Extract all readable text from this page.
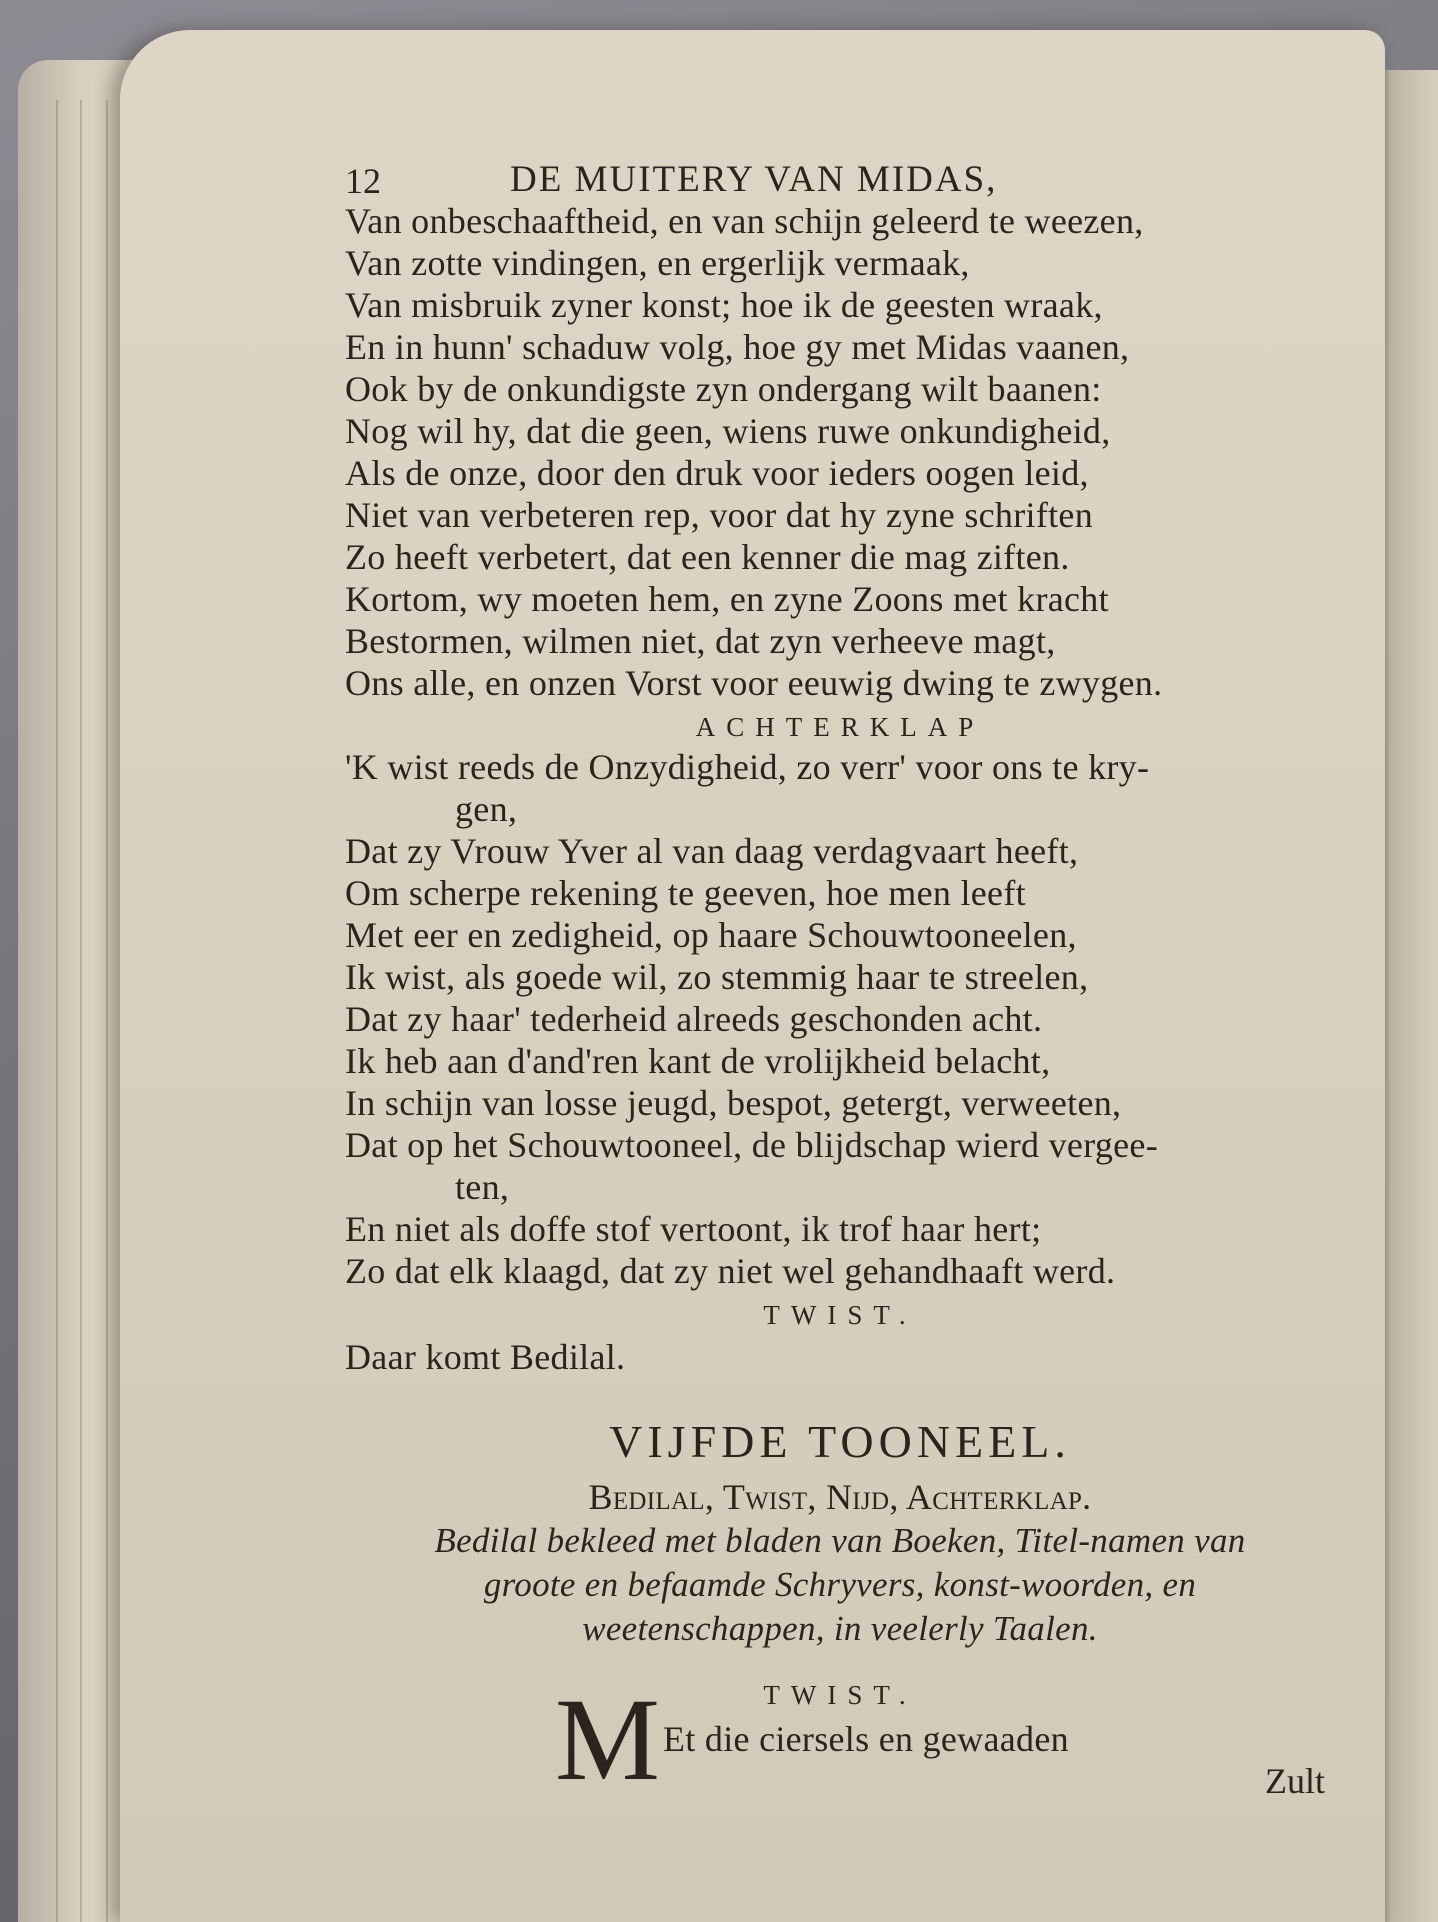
12	DE MUITERY VAN MIDAS,
Van onbeschaaftheid, en van schijn geleerd te weezen,
Van zotte vindingen, en ergerlijk vermaak,
Van misbruik zyner konst; hoe ik de geesten wraak,
En in hunn' schaduw volg, hoe gy met Midas vaanen,
Ook by de onkundigste zyn ondergang wilt baanen:
Nog wil hy, dat die geen, wiens ruwe onkundigheid,
Als de onze, door den druk voor ieders oogen leid,
Niet van verbeteren rep, voor dat hy zyne schriften
Zo heeft verbetert, dat een kenner die mag ziften.
Kortom, wy moeten hem, en zyne Zoons met kracht
Bestormen, wilmen niet, dat zyn verheeve magt,
Ons alle, en onzen Vorst voor eeuwig dwing te zwygen.
ACHTERKLAP
'K wist reeds de Onzydigheid, zo verr' voor ons te kry-
gen,
Dat zy Vrouw Yver al van daag verdagvaart heeft,
Om scherpe rekening te geeven, hoe men leeft
Met eer en zedigheid, op haare Schouwtooneelen,
Ik wist, als goede wil, zo stemmig haar te streelen,
Dat zy haar' tederheid alreeds geschonden acht.
Ik heb aan d'and'ren kant de vrolijkheid belacht,
In schijn van losse jeugd, bespot, getergt, verweeten,
Dat op het Schouwtooneel, de blijdschap wierd vergee-
ten,
En niet als doffe stof vertoont, ik trof haar hert;
Zo dat elk klaagd, dat zy niet wel gehandhaaft werd.
TWIST.
Daar komt Bedilal.
VIJFDE TOONEEL.
Bedilal, Twist, Nijd, Achterklap.
Bedilal bekleed met bladen van Boeken, Titel-namen van
groote en befaamde Schryvers, konst-woorden, en
weetenschappen, in veelerly Taalen.
TWIST.
Et die ciersels en gewaaden
M	Zult
